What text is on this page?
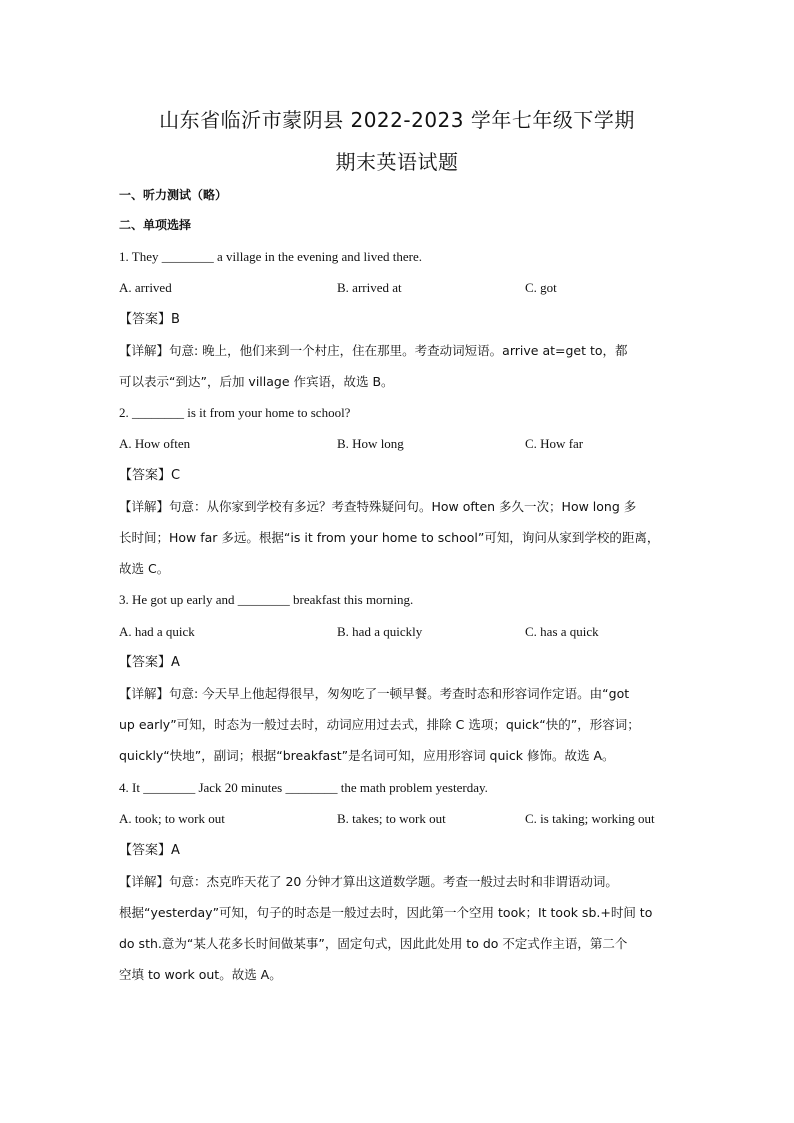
山东省临沂市蒙阴县 2022-2023 学年七年级下学期
期末英语试题
一、听力测试（略）
二、单项选择
1. They ________ a village in the evening and lived there.
A. arrived	B. arrived at	C. got
【答案】B
【详解】句意: 晚上，他们来到一个村庄，住在那里。考查动词短语。arrive at=get to，都
可以表示“到达”，后加 village 作宾语，故选 B。
2. ________ is it from your home to school?
A. How often	B. How long	C. How far
【答案】C
【详解】句意：从你家到学校有多远？考查特殊疑问句。How often 多久一次；How long 多
长时间；How far 多远。根据“is it from your home to school”可知，询问从家到学校的距离，
故选 C。
3. He got up early and ________ breakfast this morning.
A. had a quick	B. had a quickly	C. has a quick
【答案】A
【详解】句意: 今天早上他起得很早，匆匆吃了一顿早餐。考查时态和形容词作定语。由“got
up early”可知，时态为一般过去时，动词应用过去式，排除 C 选项；quick“快的”，形容词；
quickly“快地”，副词；根据“breakfast”是名词可知，应用形容词 quick 修饰。故选 A。
4. It ________ Jack 20 minutes ________ the math problem yesterday.
A. took; to work out	B. takes; to work out	C. is taking; working out
【答案】A
【详解】句意：杰克昨天花了 20 分钟才算出这道数学题。考查一般过去时和非谓语动词。
根据“yesterday”可知，句子的时态是一般过去时，因此第一个空用 took；It took sb.+时间 to
do sth.意为“某人花多长时间做某事”，固定句式，因此此处用 to do 不定式作主语，第二个
空填 to work out。故选 A。
